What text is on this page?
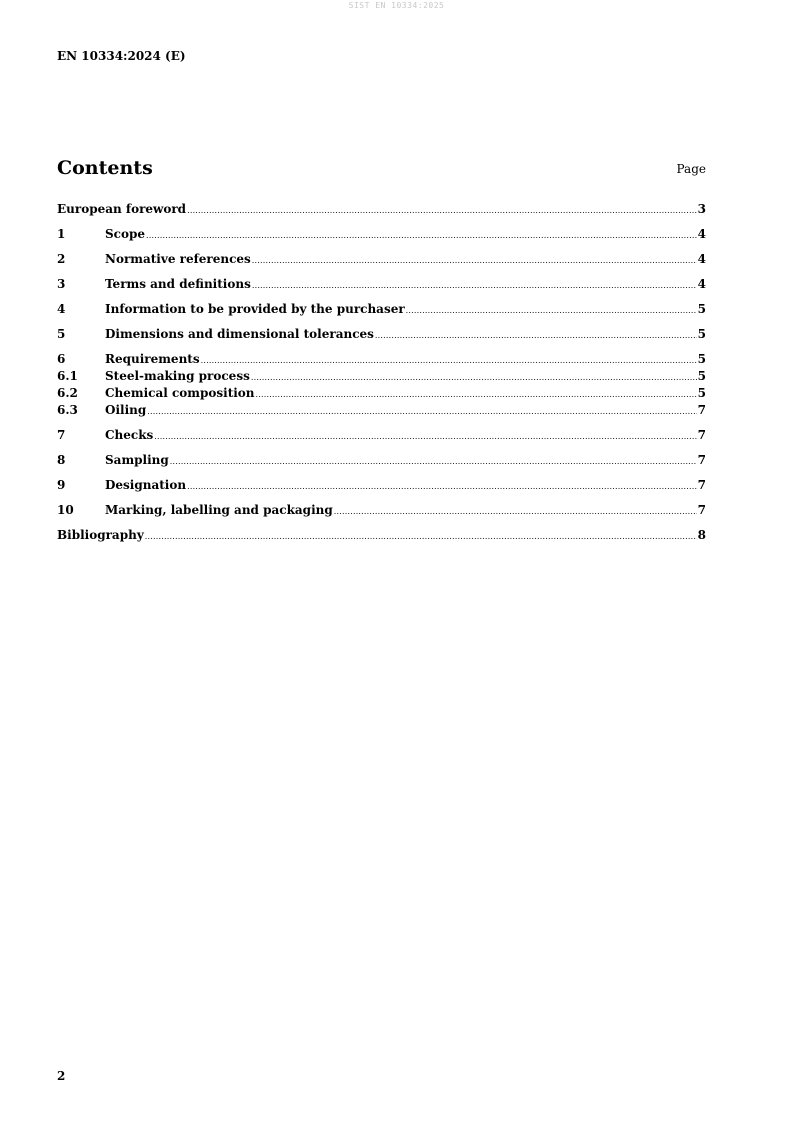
SIST EN 10334:2025
EN 10334:2024 (E)
Contents	Page
European foreword .....	3
1	Scope .....	4
2	Normative references .....	4
3	Terms and definitions .....	4
4	Information to be provided by the purchaser .....	5
5	Dimensions and dimensional tolerances .....	5
6	Requirements .....	5
6.1	Steel-making process .....	5
6.2	Chemical composition .....	5
6.3	Oiling .....	7
7	Checks .....	7
8	Sampling .....	7
9	Designation .....	7
10	Marking, labelling and packaging .....	7
Bibliography .....	8
2
